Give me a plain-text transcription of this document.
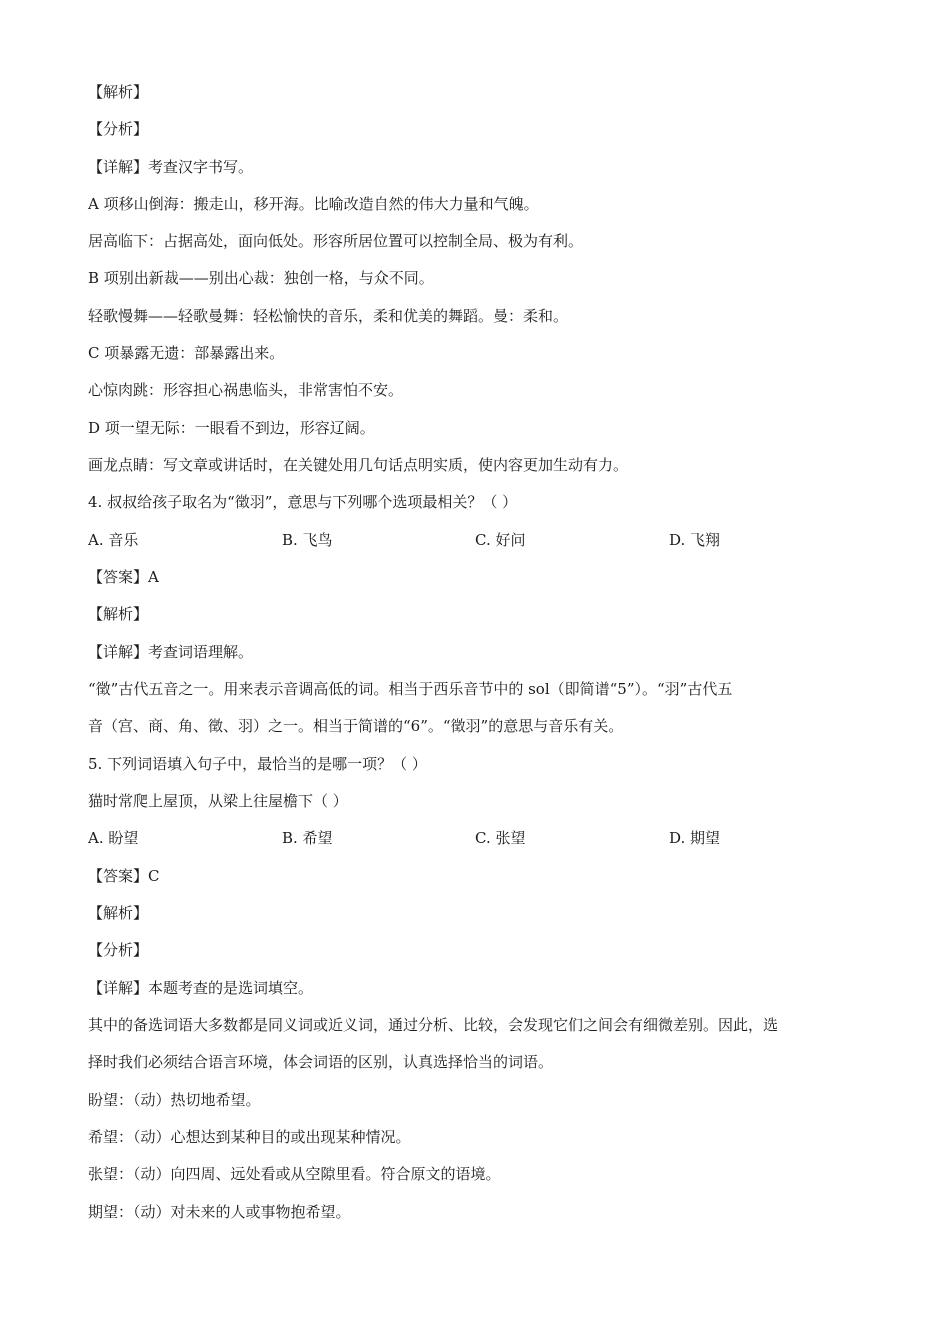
【解析】
【分析】
【详解】考查汉字书写。
A 项移山倒海：搬走山，移开海。比喻改造自然的伟大力量和气魄。
居高临下：占据高处，面向低处。形容所居位置可以控制全局、极为有利。
B 项别出新裁——别出心裁：独创一格，与众不同。
轻歌慢舞——轻歌曼舞：轻松愉快的音乐，柔和优美的舞蹈。曼：柔和。
C 项暴露无遗：部暴露出来。
心惊肉跳：形容担心祸患临头，非常害怕不安。
D 项一望无际：一眼看不到边，形容辽阔。
画龙点睛：写文章或讲话时，在关键处用几句话点明实质，使内容更加生动有力。
4. 叔叔给孩子取名为“徵羽”，意思与下列哪个选项最相关？（ ）
A. 音乐	B. 飞鸟	C. 好问	D. 飞翔
【答案】A
【解析】
【详解】考查词语理解。
“徵”古代五音之一。用来表示音调高低的词。相当于西乐音节中的 sol（即简谱“5”）。“羽”古代五
音（宫、商、角、徵、羽）之一。相当于简谱的“6”。“徵羽”的意思与音乐有关。
5. 下列词语填入句子中，最恰当的是哪一项？（ ）
猫时常爬上屋顶，从梁上往屋檐下（ ）
A. 盼望	B. 希望	C. 张望	D. 期望
【答案】C
【解析】
【分析】
【详解】本题考查的是选词填空。
其中的备选词语大多数都是同义词或近义词，通过分析、比较，会发现它们之间会有细微差别。因此，选
择时我们必须结合语言环境，体会词语的区别，认真选择恰当的词语。
盼望：（动）热切地希望。
希望：（动）心想达到某种目的或出现某种情况。
张望：（动）向四周、远处看或从空隙里看。符合原文的语境。
期望：（动）对未来的人或事物抱希望。
